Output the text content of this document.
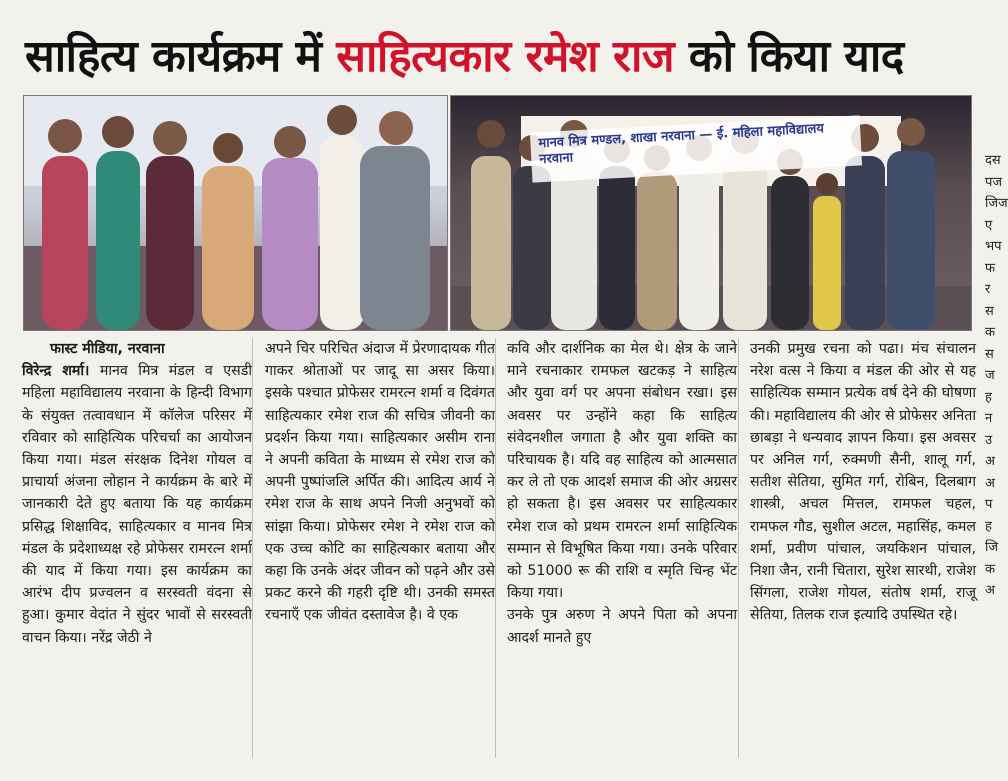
साहित्य कार्यक्रम में साहित्यकार रमेश राज को किया याद
मानव मित्र मण्डल, शाखा नरवाना — ई. महिला महाविद्यालय नरवाना
फास्ट मीडिया, नरवाना

विरेन्द्र शर्मा। मानव मित्र मंडल व एसडी महिला महाविद्यालय नरवाना के हिन्दी विभाग के संयुक्त तत्वावधान में कॉलेज परिसर में रविवार को साहित्यिक परिचर्चा का आयोजन किया गया। मंडल संरक्षक दिनेश गोयल व प्राचार्या अंजना लोहान ने कार्यक्रम के बारे में जानकारी देते हुए बताया कि यह कार्यक्रम प्रसिद्ध शिक्षाविद, साहित्यकार व मानव मित्र मंडल के प्रदेशाध्यक्ष रहे प्रोफेसर रामरत्न शर्मा की याद में किया गया। इस कार्यक्रम का आरंभ दीप प्रज्वलन व सरस्वती वंदना से हुआ। कुमार वेदांत ने सुंदर भावों से सरस्वती वाचन किया। नरेंद्र जेठी ने

अपने चिर परिचित अंदाज में प्रेरणादायक गीत गाकर श्रोताओं पर जादू सा असर किया। इसके पश्चात प्रोफेसर रामरत्न शर्मा व दिवंगत साहित्यकार रमेश राज की सचित्र जीवनी का प्रदर्शन किया गया। साहित्यकार असीम राना ने अपनी कविता के माध्यम से रमेश राज को अपनी पुष्पांजलि अर्पित की। आदित्य आर्य ने रमेश राज के साथ अपने निजी अनुभवों को सांझा किया। प्रोफेसर रमेश ने रमेश राज को एक उच्च कोटि का साहित्यकार बताया और कहा कि उनके अंदर जीवन को पढ़ने और उसे प्रकट करने की गहरी दृष्टि थी। उनकी समस्त रचनाएँ एक जीवंत दस्तावेज है। वे एक

कवि और दार्शनिक का मेल थे। क्षेत्र के जाने माने रचनाकार रामफल खटकड़ ने साहित्य और युवा वर्ग पर अपना संबोधन रखा। इस अवसर पर उन्होंने कहा कि साहित्य संवेदनशील जगाता है और युवा शक्ति का परिचायक है। यदि वह साहित्य को आत्मसात कर ले तो एक आदर्श समाज की ओर अग्रसर हो सकता है। इस अवसर पर साहित्यकार रमेश राज को प्रथम रामरत्न शर्मा साहित्यिक सम्मान से विभूषित किया गया। उनके परिवार को 51000 रू की राशि व स्मृति चिन्ह भेंट किया गया।

उनके पुत्र अरुण ने अपने पिता को अपना आदर्श मानते हुए

उनकी प्रमुख रचना को पढा। मंच संचालन नरेश वत्स ने किया व मंडल की ओर से यह साहित्यिक सम्मान प्रत्येक वर्ष देने की घोषणा की। महाविद्यालय की ओर से प्रोफेसर अनिता छाबड़ा ने धन्यवाद ज्ञापन किया। इस अवसर पर अनिल गर्ग, रुक्मणी सैनी, शालू गर्ग, सतीश सेतिया, सुमित गर्ग, रोबिन, दिलबाग शास्त्री, अचल मित्तल, रामफल चहल, रामफल गौड, सुशील अटल, महासिंह, कमल शर्मा, प्रवीण पांचाल, जयकिशन पांचाल, निशा जैन, रानी चितारा, सुरेश सारथी, राजेश सिंगला, राजेश गोयल, संतोष शर्मा, राजू सेतिया, तिलक राज इत्यादि उपस्थित रहे।

दस पज जिज ए भप फ र स क स ज ह न उ अ अ प ह जि क अ
